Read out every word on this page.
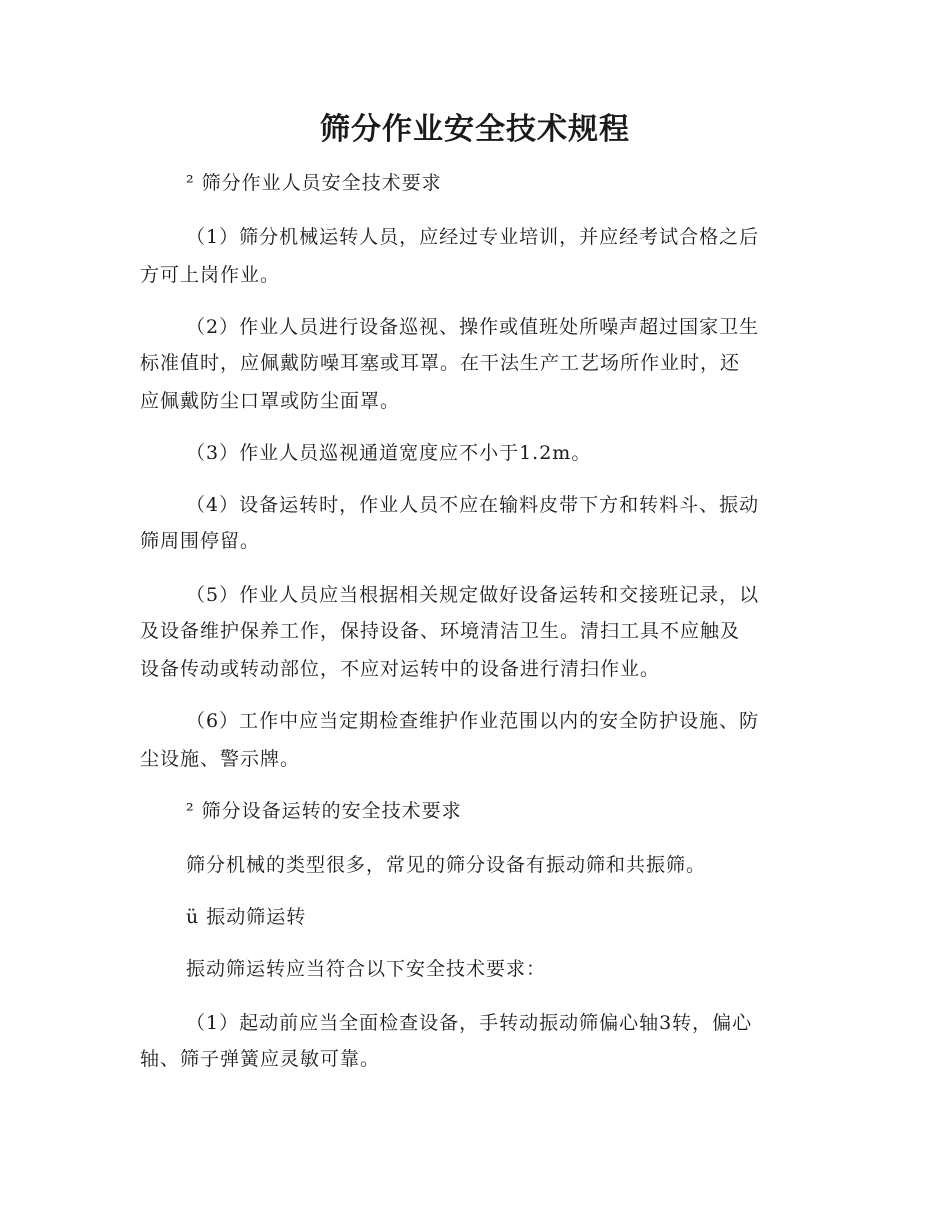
筛分作业安全技术规程
² 筛分作业人员安全技术要求
（1）筛分机械运转人员，应经过专业培训，并应经考试合格之后
方可上岗作业。
（2）作业人员进行设备巡视、操作或值班处所噪声超过国家卫生
标准值时，应佩戴防噪耳塞或耳罩。在干法生产工艺场所作业时，还
应佩戴防尘口罩或防尘面罩。
（3）作业人员巡视通道宽度应不小于1.2m。
（4）设备运转时，作业人员不应在输料皮带下方和转料斗、振动
筛周围停留。
（5）作业人员应当根据相关规定做好设备运转和交接班记录，以
及设备维护保养工作，保持设备、环境清洁卫生。清扫工具不应触及
设备传动或转动部位，不应对运转中的设备进行清扫作业。
（6）工作中应当定期检查维护作业范围以内的安全防护设施、防
尘设施、警示牌。
² 筛分设备运转的安全技术要求
筛分机械的类型很多，常见的筛分设备有振动筛和共振筛。
ü 振动筛运转
振动筛运转应当符合以下安全技术要求：
（1）起动前应当全面检查设备，手转动振动筛偏心轴3转，偏心
轴、筛子弹簧应灵敏可靠。
